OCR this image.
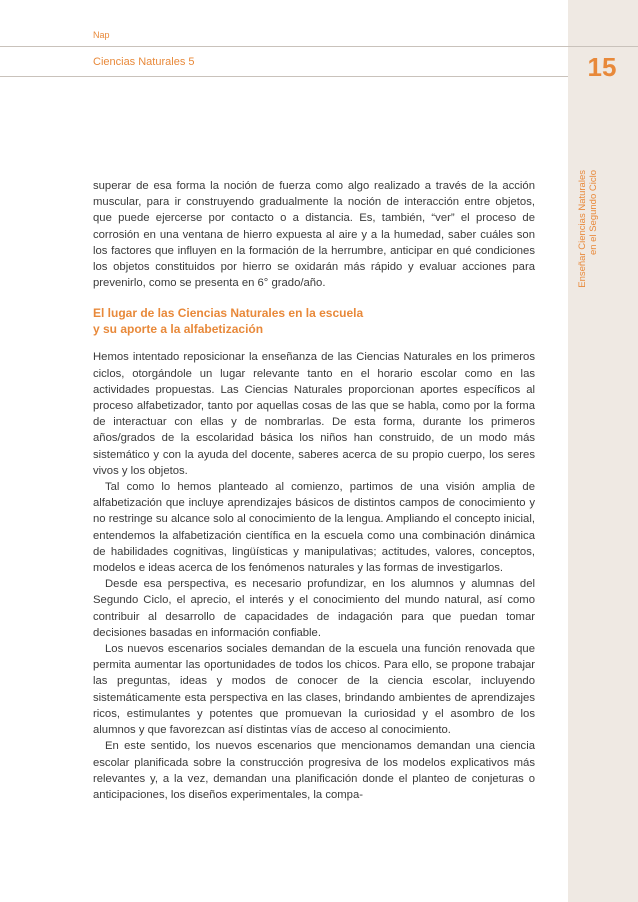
Nap
Ciencias Naturales 5	15
Enseñar Ciencias Naturales en el Segundo Ciclo

superar de esa forma la noción de fuerza como algo realizado a través de la acción muscular, para ir construyendo gradualmente la noción de interacción entre objetos, que puede ejercerse por contacto o a distancia. Es, también, “ver” el proceso de corrosión en una ventana de hierro expuesta al aire y a la humedad, saber cuáles son los factores que influyen en la formación de la herrumbre, anticipar en qué condiciones los objetos constituidos por hierro se oxidarán más rápido y evaluar acciones para prevenirlo, como se presenta en 6° grado/año.

El lugar de las Ciencias Naturales en la escuela
y su aporte a la alfabetización

Hemos intentado reposicionar la enseñanza de las Ciencias Naturales en los primeros ciclos, otorgándole un lugar relevante tanto en el horario escolar como en las actividades propuestas. Las Ciencias Naturales proporcionan aportes específicos al proceso alfabetizador, tanto por aquellas cosas de las que se habla, como por la forma de interactuar con ellas y de nombrarlas. De esta forma, durante los primeros años/grados de la escolaridad básica los niños han construido, de un modo más sistemático y con la ayuda del docente, saberes acerca de su propio cuerpo, los seres vivos y los objetos.

Tal como lo hemos planteado al comienzo, partimos de una visión amplia de alfabetización que incluye aprendizajes básicos de distintos campos de conocimiento y no restringe su alcance solo al conocimiento de la lengua. Ampliando el concepto inicial, entendemos la alfabetización científica en la escuela como una combinación dinámica de habilidades cognitivas, lingüísticas y manipulativas; actitudes, valores, conceptos, modelos e ideas acerca de los fenómenos naturales y las formas de investigarlos.

Desde esa perspectiva, es necesario profundizar, en los alumnos y alumnas del Segundo Ciclo, el aprecio, el interés y el conocimiento del mundo natural, así como contribuir al desarrollo de capacidades de indagación para que puedan tomar decisiones basadas en información confiable.

Los nuevos escenarios sociales demandan de la escuela una función renovada que permita aumentar las oportunidades de todos los chicos. Para ello, se propone trabajar las preguntas, ideas y modos de conocer de la ciencia escolar, incluyendo sistemáticamente esta perspectiva en las clases, brindando ambientes de aprendizajes ricos, estimulantes y potentes que promuevan la curiosidad y el asombro de los alumnos y que favorezcan así distintas vías de acceso al conocimiento.

En este sentido, los nuevos escenarios que mencionamos demandan una ciencia escolar planificada sobre la construcción progresiva de los modelos explicativos más relevantes y, a la vez, demandan una planificación donde el planteo de conjeturas o anticipaciones, los diseños experimentales, la compa-
